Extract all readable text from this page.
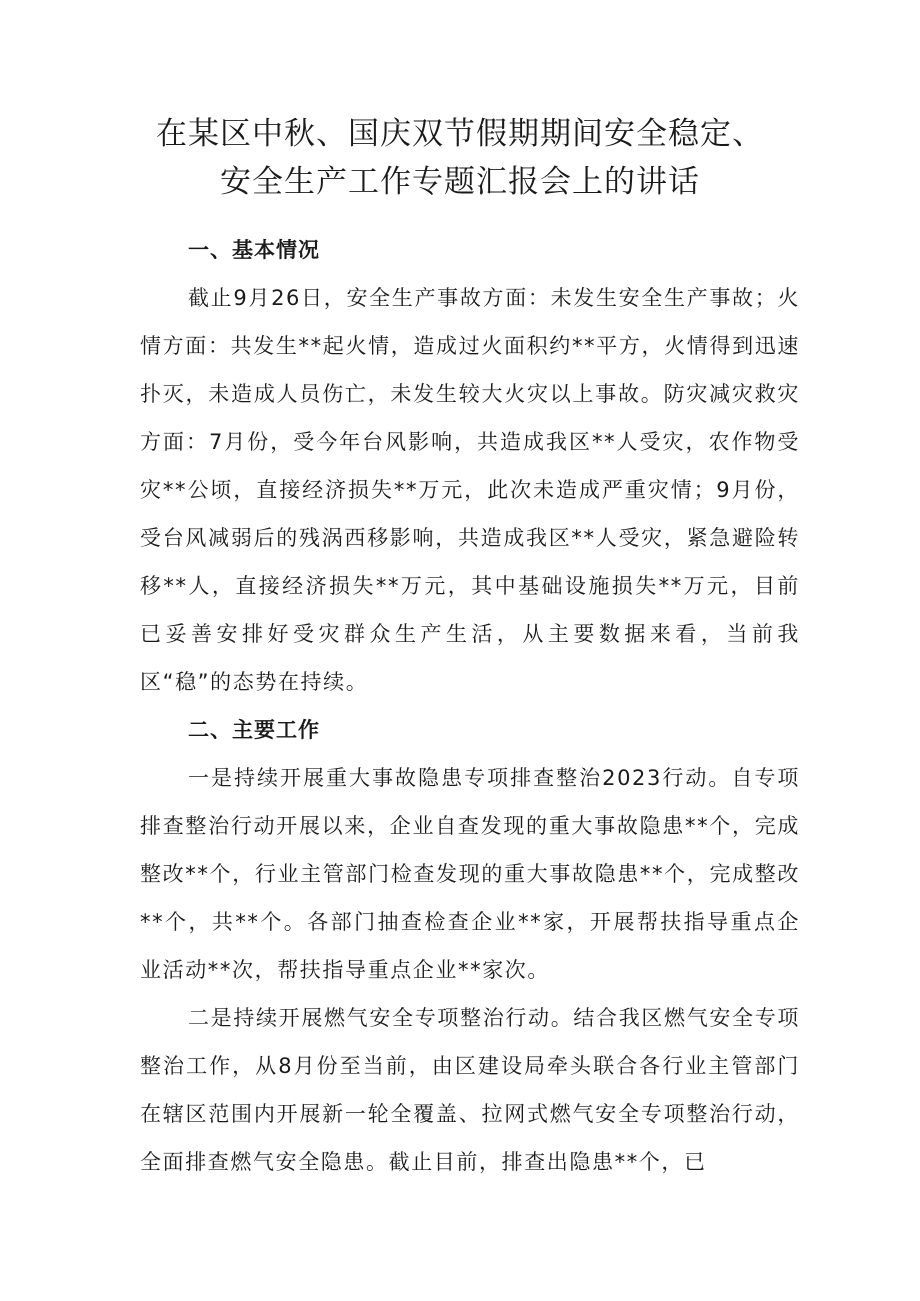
在某区中秋、国庆双节假期期间安全稳定、
安全生产工作专题汇报会上的讲话
一、基本情况

截止9月26日，安全生产事故方面：未发生安全生产事故；火情方面：共发生**起火情，造成过火面积约**平方，火情得到迅速扑灭，未造成人员伤亡，未发生较大火灾以上事故。防灾减灾救灾方面：7月份，受今年台风影响，共造成我区**人受灾，农作物受灾**公顷，直接经济损失**万元，此次未造成严重灾情；9月份，受台风减弱后的残涡西移影响，共造成我区**人受灾，紧急避险转移**人，直接经济损失**万元，其中基础设施损失**万元，目前已妥善安排好受灾群众生产生活，从主要数据来看，当前我区“稳”的态势在持续。

二、主要工作

一是持续开展重大事故隐患专项排查整治2023行动。自专项排查整治行动开展以来，企业自查发现的重大事故隐患**个，完成整改**个，行业主管部门检查发现的重大事故隐患**个，完成整改**个，共**个。各部门抽查检查企业**家，开展帮扶指导重点企业活动**次，帮扶指导重点企业**家次。

二是持续开展燃气安全专项整治行动。结合我区燃气安全专项整治工作，从8月份至当前，由区建设局牵头联合各行业主管部门在辖区范围内开展新一轮全覆盖、拉网式燃气安全专项整治行动，全面排查燃气安全隐患。截止目前，排查出隐患**个，已
